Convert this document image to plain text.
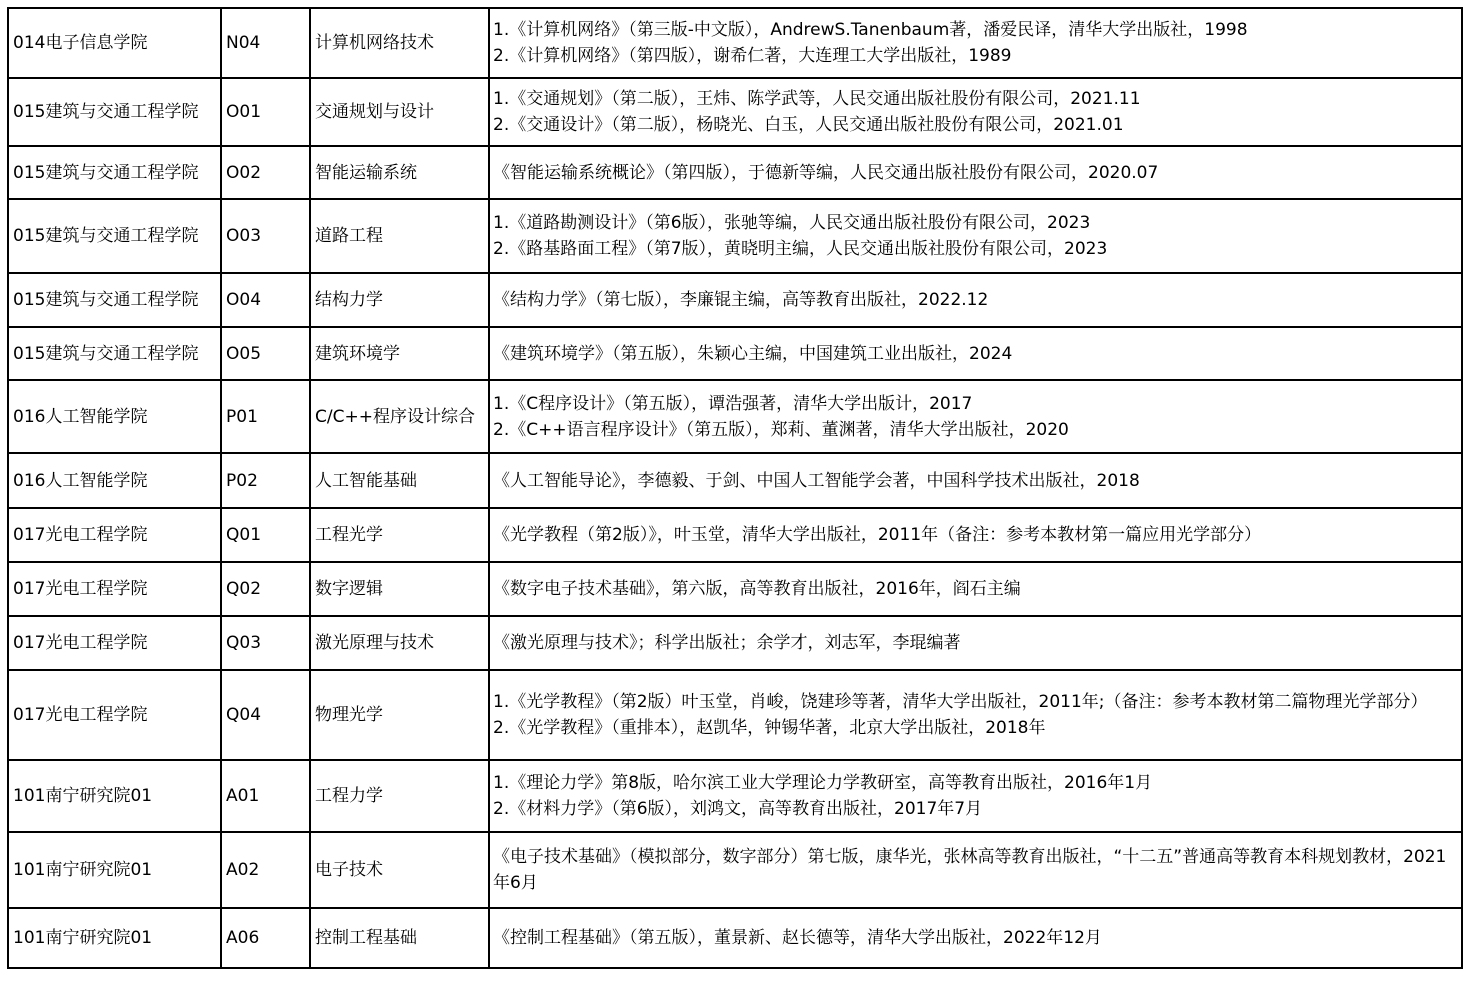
014电子信息学院	N04	计算机网络技术	1.《计算机网络》（第三版-中文版），AndrewS.Tanenbaum著，潘爱民译，清华大学出版社，1998
2.《计算机网络》（第四版），谢希仁著，大连理工大学出版社，1989

015建筑与交通工程学院	O01	交通规划与设计	1.《交通规划》（第二版），王炜、陈学武等，人民交通出版社股份有限公司，2021.11
2.《交通设计》（第二版），杨晓光、白玉，人民交通出版社股份有限公司，2021.01

015建筑与交通工程学院	O02	智能运输系统	《智能运输系统概论》（第四版），于德新等编，人民交通出版社股份有限公司，2020.07

015建筑与交通工程学院	O03	道路工程	1.《道路勘测设计》（第6版），张驰等编，人民交通出版社股份有限公司，2023
2.《路基路面工程》（第7版），黄晓明主编，人民交通出版社股份有限公司，2023

015建筑与交通工程学院	O04	结构力学	《结构力学》（第七版），李廉锟主编，高等教育出版社，2022.12

015建筑与交通工程学院	O05	建筑环境学	《建筑环境学》（第五版），朱颖心主编，中国建筑工业出版社，2024

016人工智能学院	P01	C/C++程序设计综合	1.《C程序设计》（第五版），谭浩强著，清华大学出版计，2017
2.《C++语言程序设计》（第五版），郑莉、董渊著，清华大学出版社，2020

016人工智能学院	P02	人工智能基础	《人工智能导论》，李德毅、于剑、中国人工智能学会著，中国科学技术出版社，2018

017光电工程学院	Q01	工程光学	《光学教程（第2版）》，叶玉堂，清华大学出版社，2011年（备注：参考本教材第一篇应用光学部分）

017光电工程学院	Q02	数字逻辑	《数字电子技术基础》，第六版，高等教育出版社，2016年，阎石主编

017光电工程学院	Q03	激光原理与技术	《激光原理与技术》；科学出版社；余学才，刘志军，李琨编著

017光电工程学院	Q04	物理光学	1.《光学教程》（第2版）叶玉堂，肖峻，饶建珍等著，清华大学出版社，2011年;（备注：参考本教材第二篇物理光学部分）
2.《光学教程》（重排本），赵凯华，钟锡华著，北京大学出版社，2018年

101南宁研究院01	A01	工程力学	1.《理论力学》第8版，哈尔滨工业大学理论力学教研室，高等教育出版社，2016年1月
2.《材料力学》（第6版），刘鸿文，高等教育出版社，2017年7月

101南宁研究院01	A02	电子技术	《电子技术基础》（模拟部分，数字部分）第七版，康华光，张林高等教育出版社，“十二五”普通高等教育本科规划教材，2021年6月

101南宁研究院01	A06	控制工程基础	《控制工程基础》（第五版），董景新、赵长德等，清华大学出版社，2022年12月
